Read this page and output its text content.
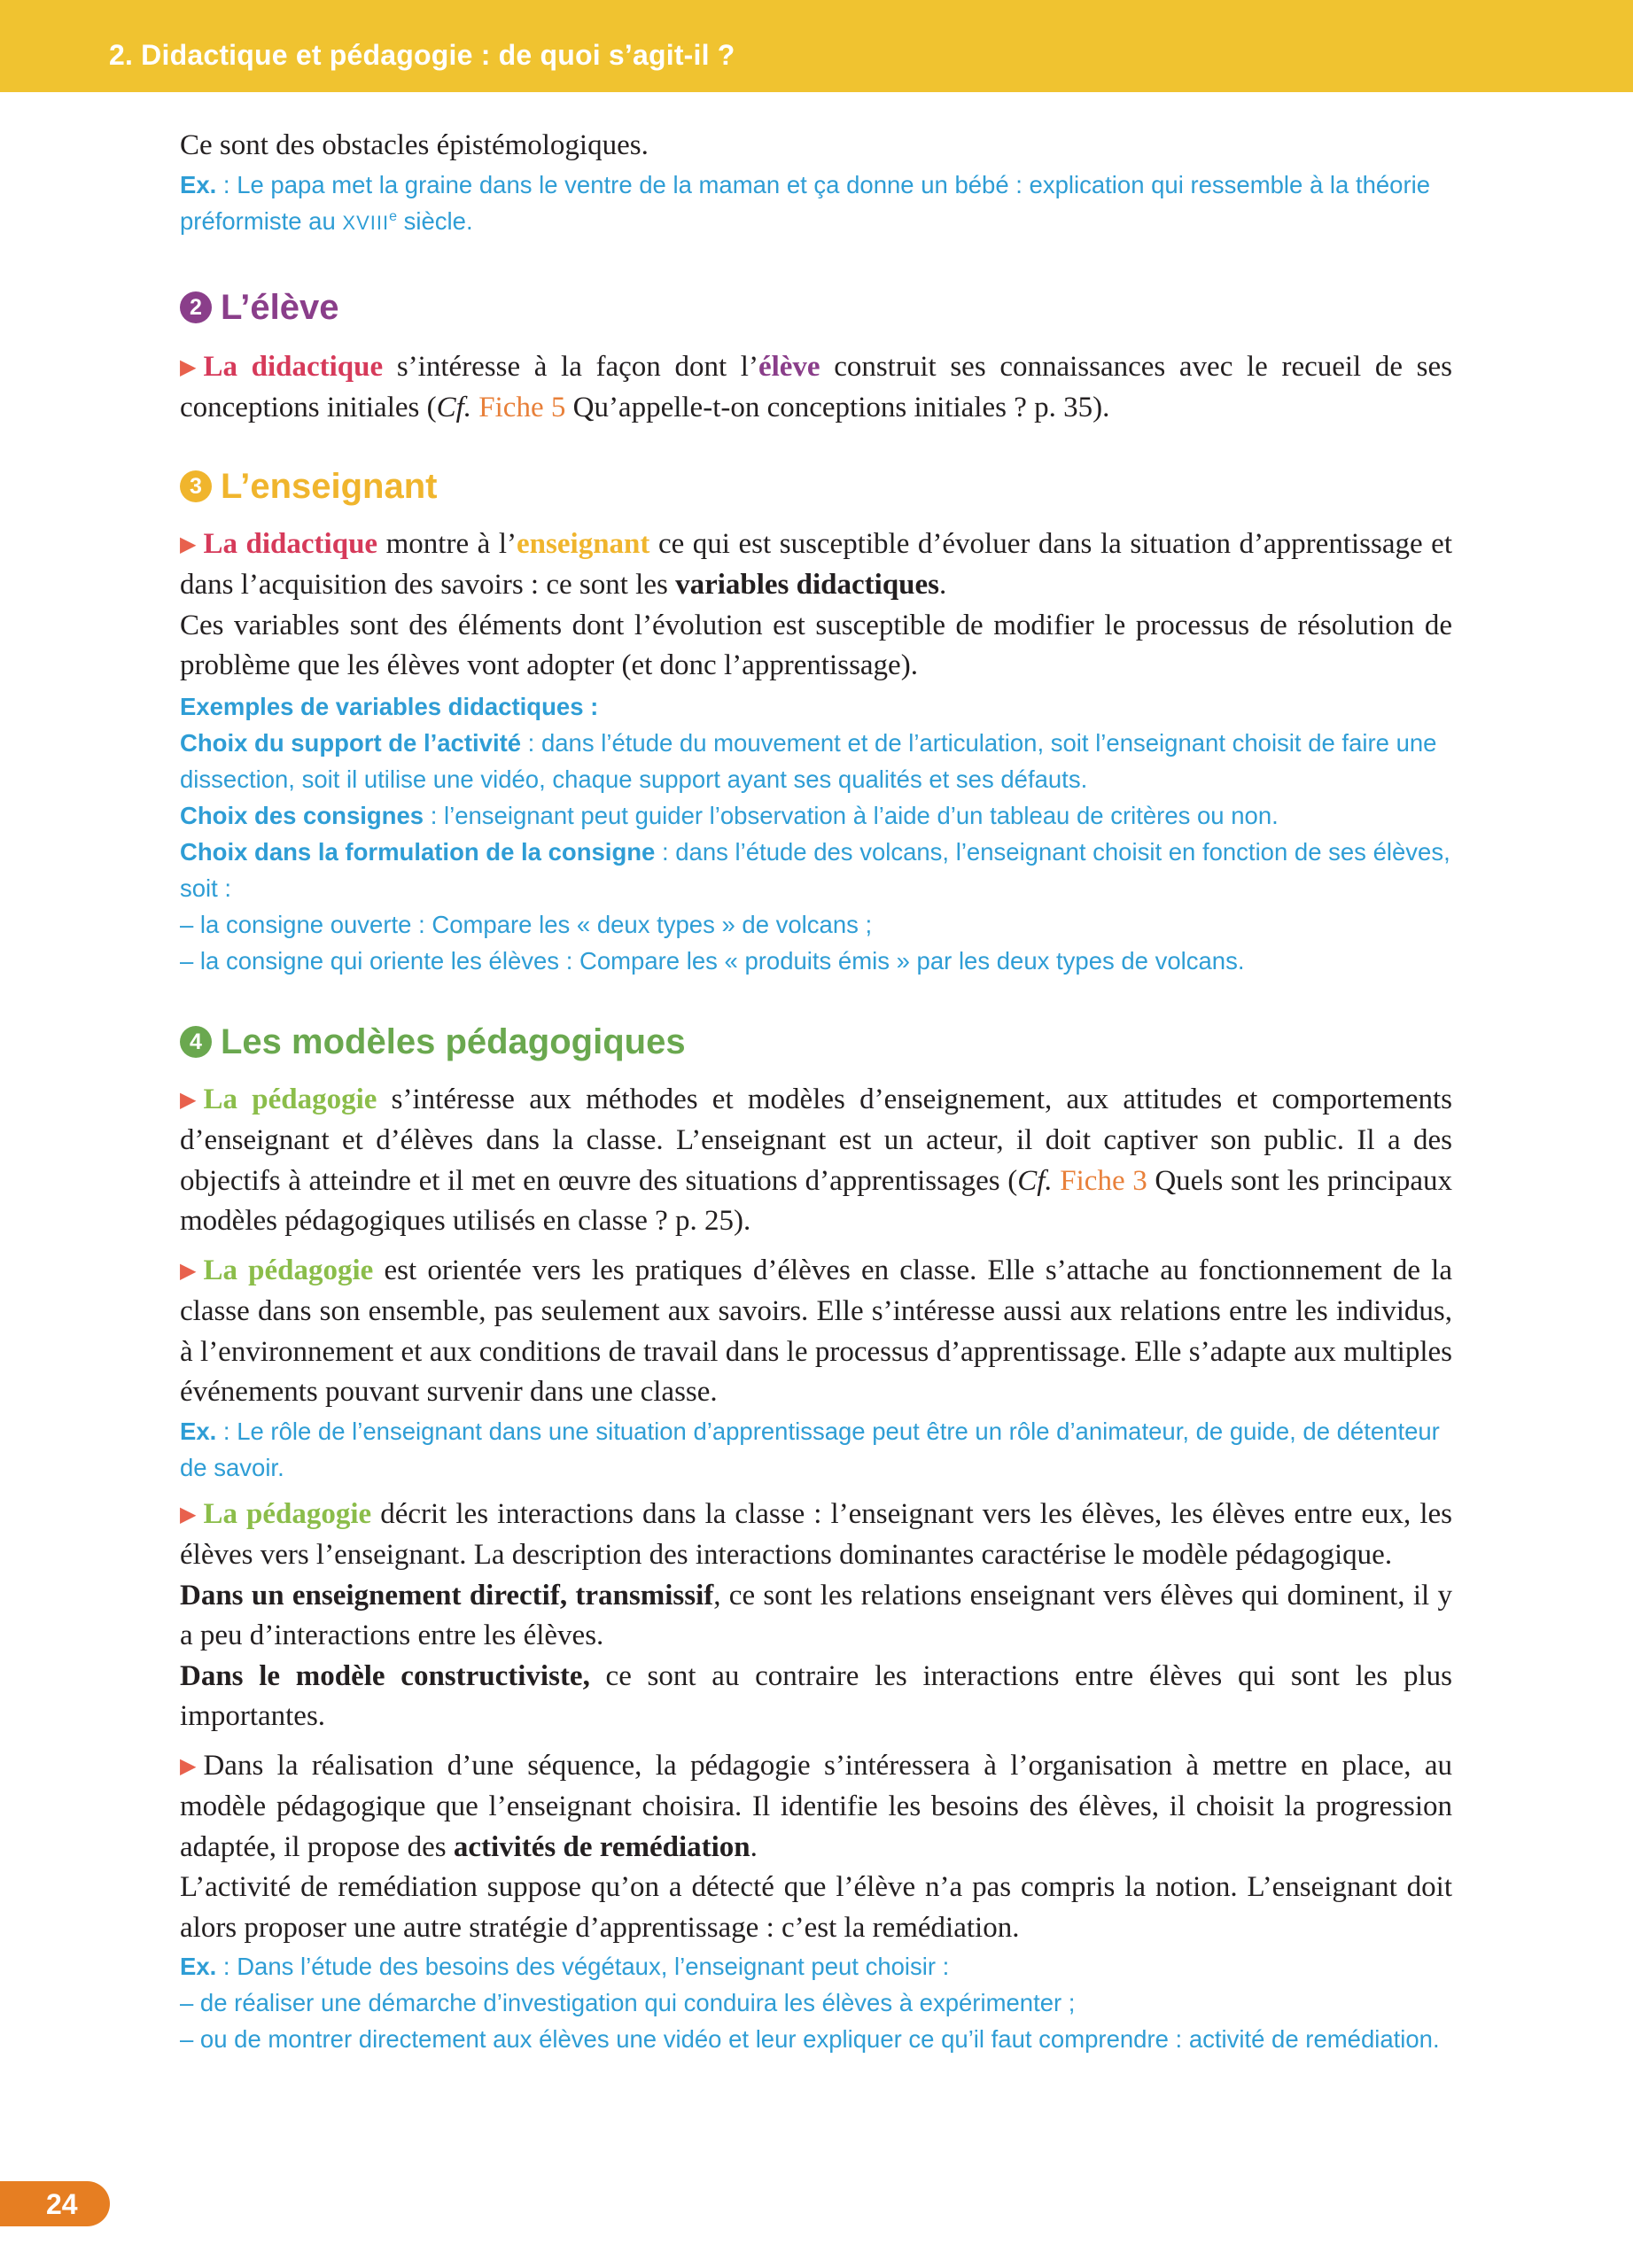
2. Didactique et pédagogie : de quoi s’agit-il ?

Ce sont des obstacles épistémologiques.

Ex. : Le papa met la graine dans le ventre de la maman et ça donne un bébé : explication qui ressemble à la théorie préformiste au XVIIIe siècle.

2 L’élève

▶ La didactique s’intéresse à la façon dont l’élève construit ses connaissances avec le recueil de ses conceptions initiales (Cf. Fiche 5 Qu’appelle-t-on conceptions initiales ? p. 35).

3 L’enseignant

▶ La didactique montre à l’enseignant ce qui est susceptible d’évoluer dans la situation d’apprentissage et dans l’acquisition des savoirs : ce sont les variables didactiques.

Ces variables sont des éléments dont l’évolution est susceptible de modifier le processus de résolution de problème que les élèves vont adopter (et donc l’apprentissage).

Exemples de variables didactiques :

Choix du support de l’activité : dans l’étude du mouvement et de l’articulation, soit l’enseignant choisit de faire une dissection, soit il utilise une vidéo, chaque support ayant ses qualités et ses défauts.

Choix des consignes : l’enseignant peut guider l’observation à l’aide d’un tableau de critères ou non.

Choix dans la formulation de la consigne : dans l’étude des volcans, l’enseignant choisit en fonction de ses élèves, soit :

– la consigne ouverte : Compare les « deux types » de volcans ;

– la consigne qui oriente les élèves : Compare les « produits émis » par les deux types de volcans.

4 Les modèles pédagogiques

▶ La pédagogie s’intéresse aux méthodes et modèles d’enseignement, aux attitudes et comportements d’enseignant et d’élèves dans la classe. L’enseignant est un acteur, il doit captiver son public. Il a des objectifs à atteindre et il met en œuvre des situations d’apprentissages (Cf. Fiche 3 Quels sont les principaux modèles pédagogiques utilisés en classe ? p. 25).

▶ La pédagogie est orientée vers les pratiques d’élèves en classe. Elle s’attache au fonctionnement de la classe dans son ensemble, pas seulement aux savoirs. Elle s’intéresse aussi aux relations entre les individus, à l’environnement et aux conditions de travail dans le processus d’apprentissage. Elle s’adapte aux multiples événements pouvant survenir dans une classe.

Ex. : Le rôle de l’enseignant dans une situation d’apprentissage peut être un rôle d’animateur, de guide, de détenteur de savoir.

▶ La pédagogie décrit les interactions dans la classe : l’enseignant vers les élèves, les élèves entre eux, les élèves vers l’enseignant. La description des interactions dominantes caractérise le modèle pédagogique.

Dans un enseignement directif, transmissif, ce sont les relations enseignant vers élèves qui dominent, il y a peu d’interactions entre les élèves.

Dans le modèle constructiviste, ce sont au contraire les interactions entre élèves qui sont les plus importantes.

▶ Dans la réalisation d’une séquence, la pédagogie s’intéressera à l’organisation à mettre en place, au modèle pédagogique que l’enseignant choisira. Il identifie les besoins des élèves, il choisit la progression adaptée, il propose des activités de remédiation.

L’activité de remédiation suppose qu’on a détecté que l’élève n’a pas compris la notion. L’enseignant doit alors proposer une autre stratégie d’apprentissage : c’est la remédiation.

Ex. : Dans l’étude des besoins des végétaux, l’enseignant peut choisir :

– de réaliser une démarche d’investigation qui conduira les élèves à expérimenter ;

– ou de montrer directement aux élèves une vidéo et leur expliquer ce qu’il faut comprendre : activité de remédiation.

24
